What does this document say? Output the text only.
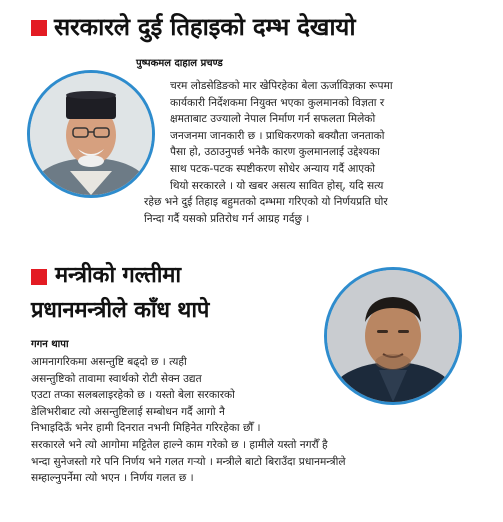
सरकारले दुई तिहाइको दम्भ देखायो
पुष्पकमल दाहाल प्रचण्ड
चरम लोडसेडिङको मार खेपिरहेका बेला ऊर्जाविज्ञका रूपमा
कार्यकारी निर्देशकमा नियुक्त भएका कुलमानको विज्ञता र
क्षमताबाट उज्यालो नेपाल निर्माण गर्न सफलता मिलेको
जनजनमा जानकारी छ । प्राधिकरणको बक्यौता जनताको
पैसा हो, उठाउनुपर्छ भनेकै कारण कुलमानलाई उद्देश्यका
साथ पटक-पटक स्पष्टीकरण सोधेर अन्याय गर्दै आएको
थियो सरकारले । यो खबर असत्य सावित होस्, यदि सत्य
रहेछ भने दुई तिहाइ बहुमतको दम्भमा गरिएको यो निर्णयप्रति घोर
निन्दा गर्दै यसको प्रतिरोध गर्न आग्रह गर्दछु ।
मन्त्रीको गल्तीमा
प्रधानमन्त्रीले काँध थापे
गगन थापा
आमनागरिकमा असन्तुष्टि बढ्दो छ । त्यही
असन्तुष्टिको तावामा स्वार्थको रोटी सेक्न उद्यत
एउटा तप्का सलबलाइरहेको छ । यस्तो बेला सरकारको
डेलिभरीबाट त्यो असन्तुष्टिलाई सम्बोधन गर्दै आगो नै
निभाइदिऊँ भनेर हामी दिनरात नभनी मिहिनेत गरिरहेका छौँ ।
सरकारले भने त्यो आगोमा मट्टितेल हाल्ने काम गरेको छ । हामीले यस्तो नगरौँ है
भन्दा सुनेजस्तो गरे पनि निर्णय भने गलत गऱ्यो । मन्त्रीले बाटो बिराउँदा प्रधानमन्त्रीले
सम्हाल्नुपर्नेमा त्यो भएन । निर्णय गलत छ ।
